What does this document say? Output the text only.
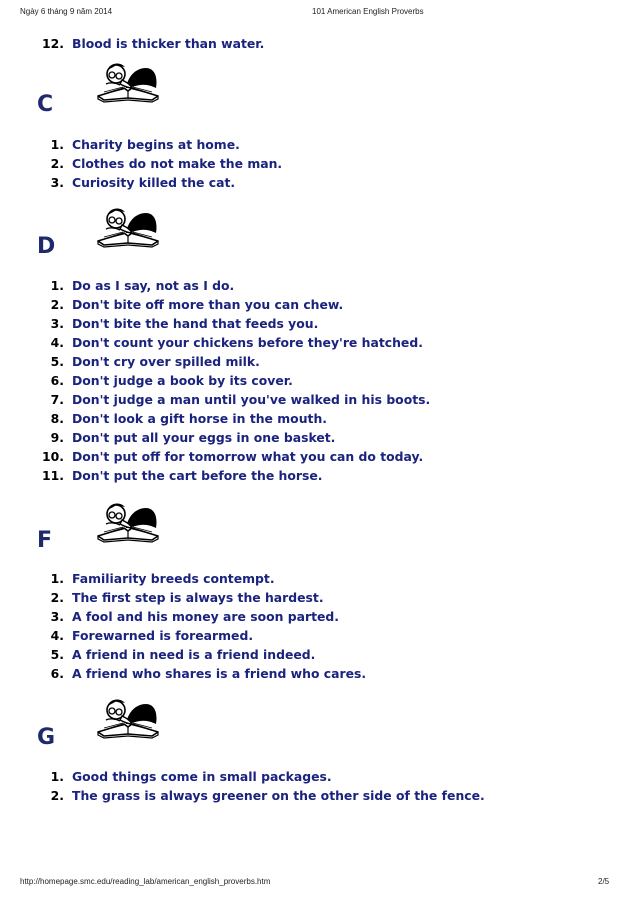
Ngày 6 tháng 9 năm 2014	101 American English Proverbs
12. Blood is thicker than water.
C
1. Charity begins at home.
2. Clothes do not make the man.
3. Curiosity killed the cat.
D
1. Do as I say, not as I do.
2. Don't bite off more than you can chew.
3. Don't bite the hand that feeds you.
4. Don't count your chickens before they're hatched.
5. Don't cry over spilled milk.
6. Don't judge a book by its cover.
7. Don't judge a man until you've walked in his boots.
8. Don't look a gift horse in the mouth.
9. Don't put all your eggs in one basket.
10. Don't put off for tomorrow what you can do today.
11. Don't put the cart before the horse.
F
1. Familiarity breeds contempt.
2. The first step is always the hardest.
3. A fool and his money are soon parted.
4. Forewarned is forearmed.
5. A friend in need is a friend indeed.
6. A friend who shares is a friend who cares.
G
1. Good things come in small packages.
2. The grass is always greener on the other side of the fence.
http://homepage.smc.edu/reading_lab/american_english_proverbs.htm	2/5
